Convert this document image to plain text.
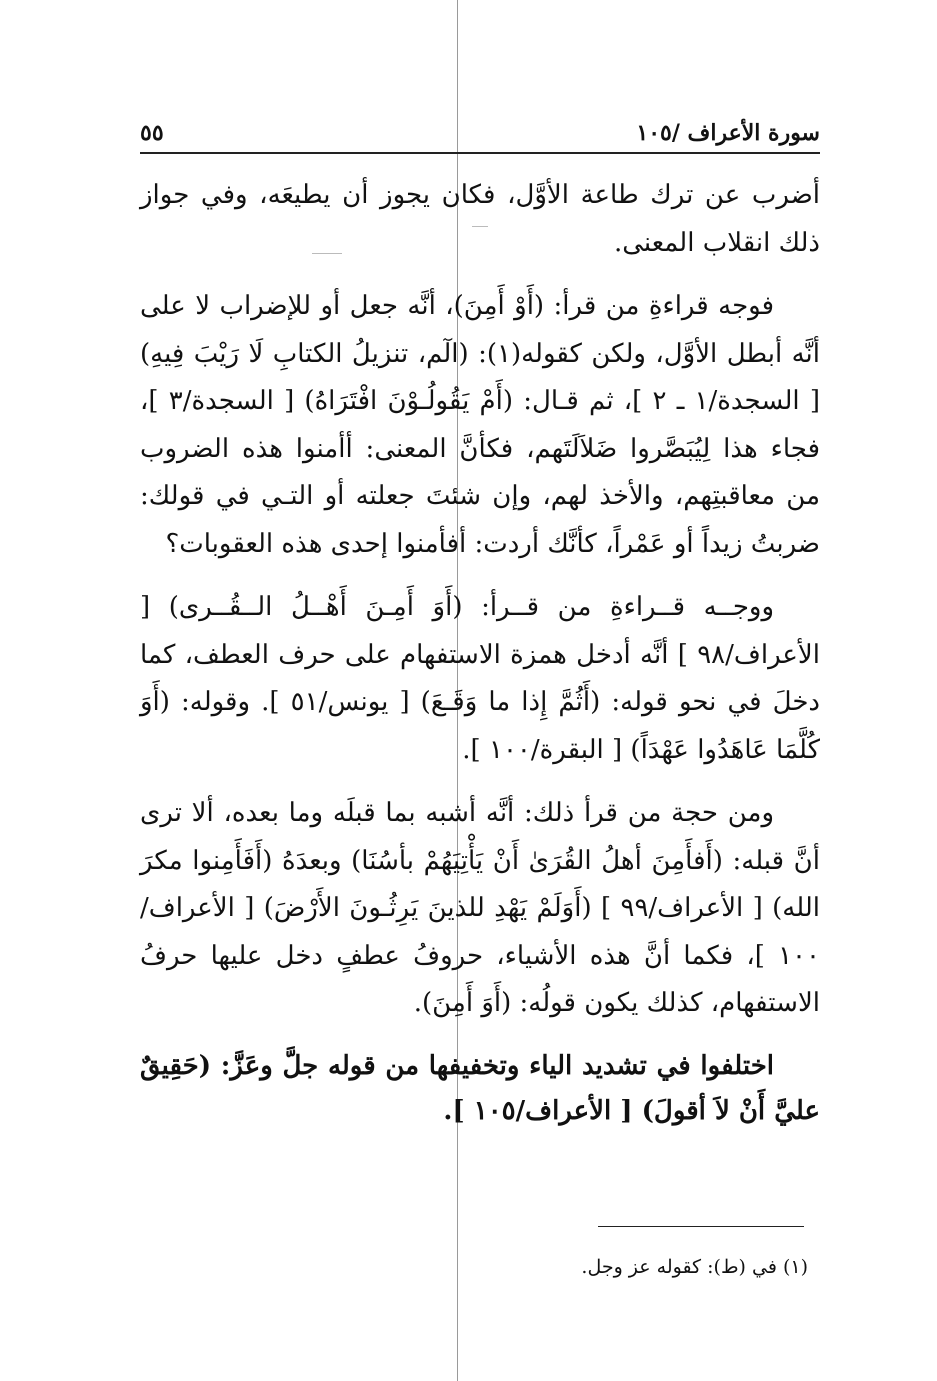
سورة الأعراف /١٠٥
٥٥

أضرب عن ترك طاعة الأوَّل، فكان يجوز أن يطيعَه، وفي جواز ذلك انقلاب المعنى.

فوجه قراءةِ من قرأ: (أَوْ أَمِنَ)، أنَّه جعل أو للإضراب لا على أنَّه أبطل الأوَّل، ولكن كقوله(١): (الٓم، تنزيلُ الكتابِ لَا رَيْبَ فِيهِ) [ السجدة/١ ـ ٢ ]، ثم قـال: (أَمْ يَقُولُـوْنَ افْتَرَاهُ) [ السجدة/٣ ]، فجاء هذا لِيُبَصَّروا ضَلاَلَتَهم، فكأنَّ المعنى: أأمنوا هذه الضروب من معاقبتِهم، والأخذ لهم، وإن شئتَ جعلته أو التـي في قولك: ضربتُ زيداً أو عَمْراً، كأنَّك أردت: أفأمنوا إحدى هذه العقوبات؟

ووجــه قــراءةِ من قــرأ: (أَوَ أَمِـنَ أَهْــلُ الــقُــرى) [ الأعراف/٩٨ ] أنَّه أدخل همزة الاستفهام على حرف العطف، كما دخلَ في نحو قوله: (أَثُمَّ إِذا ما وَقَـعَ) [ يونس/٥١ ]. وقوله: (أَوَ كُلَّمَا عَاهَدُوا عَهْدَاً) [ البقرة/١٠٠ ].

ومن حجة من قرأ ذلك: أنَّه أشبه بما قبلَه وما بعده، ألا ترى أنَّ قبله: (أَفأَمِنَ أهلُ القُرَىٰ أَنْ يَأْتِيَهُمْ بأسُنَا) وبعدَهُ (أَفَأَمِنوا مكرَ الله) [ الأعراف/٩٩ ] (أَوَلَمْ يَهْدِ للذينَ يَرِثُـونَ الأَرْضَ) [ الأعراف/١٠٠ ]، فكما أنَّ هذه الأشياء، حروفُ عطفٍ دخل عليها حرفُ الاستفهام، كذلك يكون قولُه: (أَوَ أَمِنَ).

اختلفوا في تشديد الياء وتخفيفها من قوله جلَّ وعَزَّ: (حَقِيقٌ عليَّ أَنْ لاَ أقولَ) [ الأعراف/١٠٥ ].

(١) في (ط): كقوله عز وجل.
